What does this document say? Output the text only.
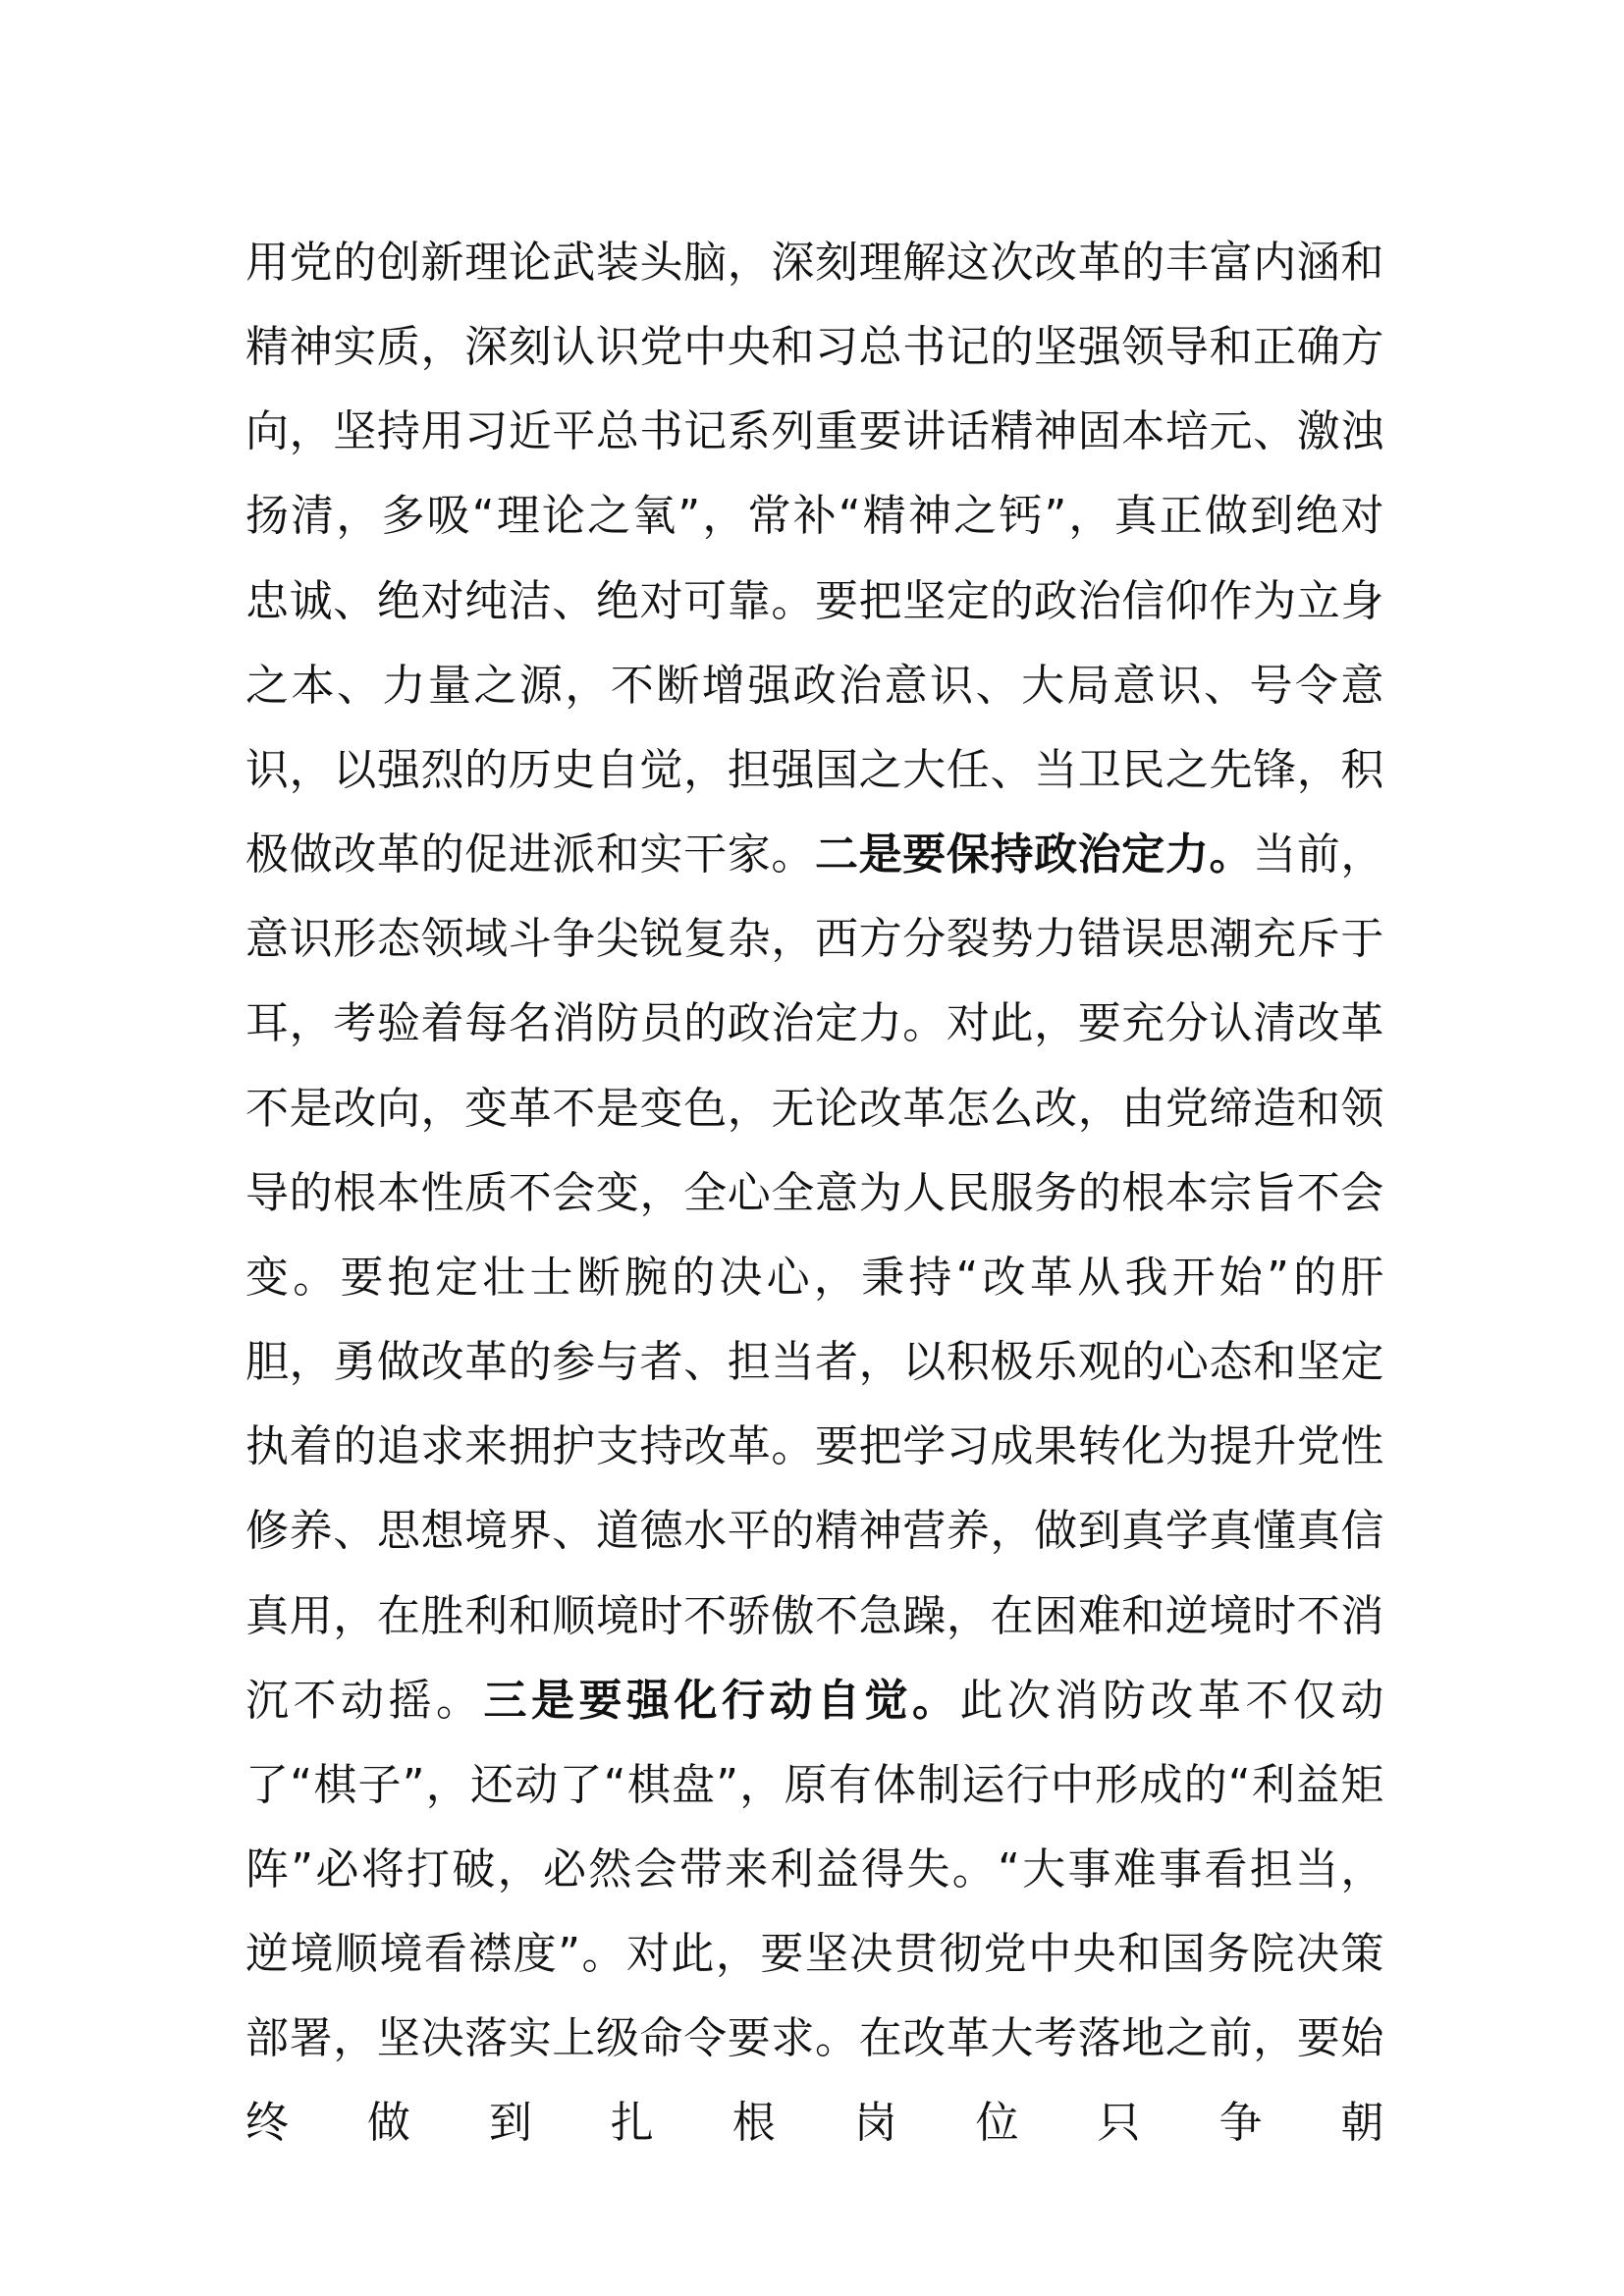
用党的创新理论武装头脑，深刻理解这次改革的丰富内涵和精神实质，深刻认识党中央和习总书记的坚强领导和正确方向，坚持用习近平总书记系列重要讲话精神固本培元、激浊扬清，多吸“理论之氧”，常补“精神之钙”，真正做到绝对忠诚、绝对纯洁、绝对可靠。要把坚定的政治信仰作为立身之本、力量之源，不断增强政治意识、大局意识、号令意识，以强烈的历史自觉，担强国之大任、当卫民之先锋，积极做改革的促进派和实干家。二是要保持政治定力。当前，意识形态领域斗争尖锐复杂，西方分裂势力错误思潮充斥于耳，考验着每名消防员的政治定力。对此，要充分认清改革不是改向，变革不是变色，无论改革怎么改，由党缔造和领导的根本性质不会变，全心全意为人民服务的根本宗旨不会变。要抱定壮士断腕的决心，秉持“改革从我开始”的肝胆，勇做改革的参与者、担当者，以积极乐观的心态和坚定执着的追求来拥护支持改革。要把学习成果转化为提升党性修养、思想境界、道德水平的精神营养，做到真学真懂真信真用，在胜利和顺境时不骄傲不急躁，在困难和逆境时不消沉不动摇。三是要强化行动自觉。此次消防改革不仅动了“棋子”，还动了“棋盘”，原有体制运行中形成的“利益矩阵”必将打破，必然会带来利益得失。“大事难事看担当，逆境顺境看襟度”。对此，要坚决贯彻党中央和国务院决策部署，坚决落实上级命令要求。在改革大考落地之前，要始终做到扎根岗位只争朝
